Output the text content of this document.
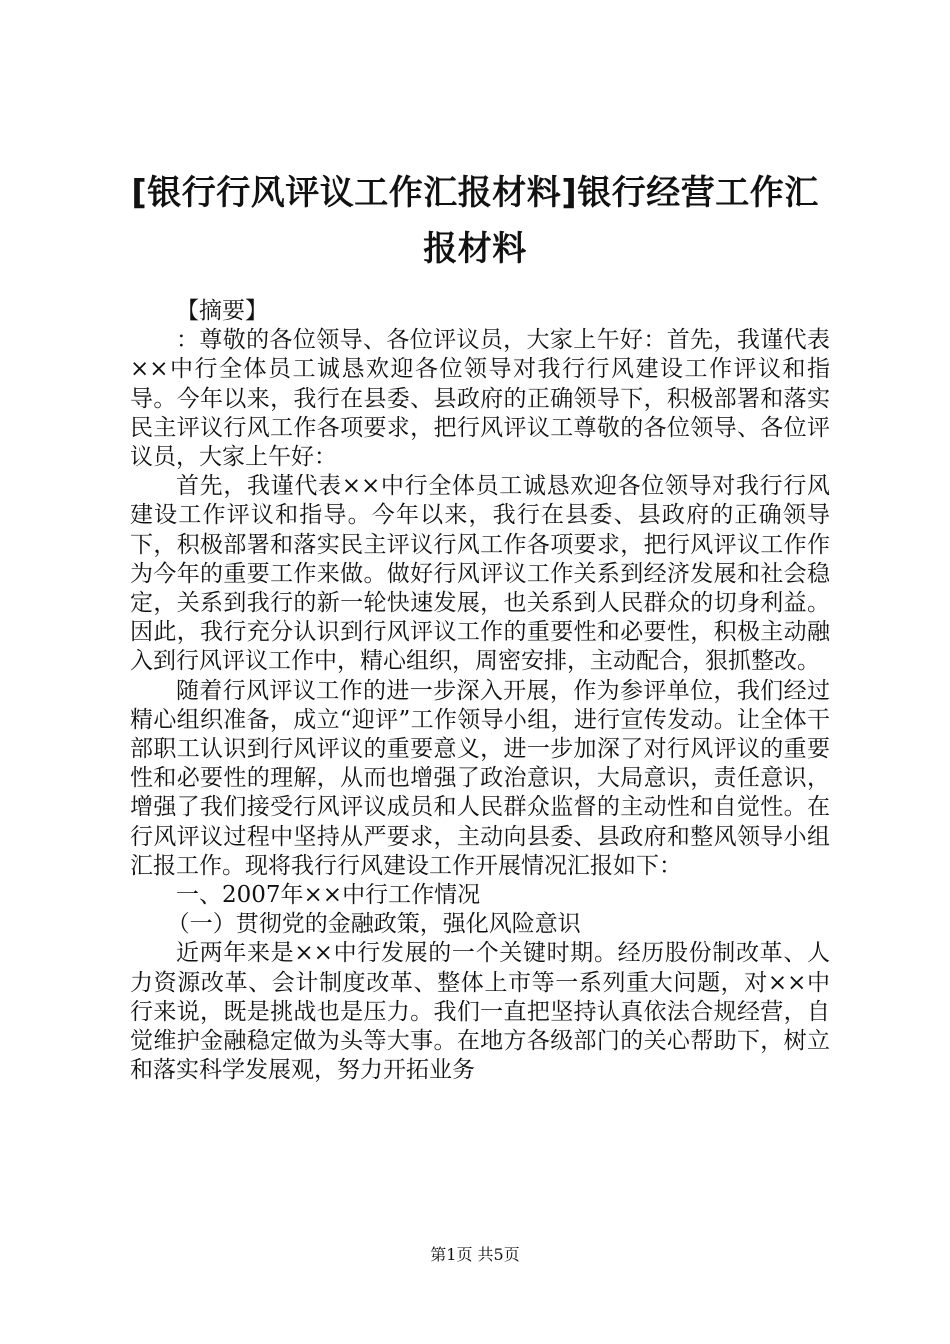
[银行行风评议工作汇报材料]银行经营工作汇报材料

【摘要】

：尊敬的各位领导、各位评议员，大家上午好：首先，我谨代表××中行全体员工诚恳欢迎各位领导对我行行风建设工作评议和指导。今年以来，我行在县委、县政府的正确领导下，积极部署和落实民主评议行风工作各项要求，把行风评议工尊敬的各位领导、各位评议员，大家上午好：

首先，我谨代表××中行全体员工诚恳欢迎各位领导对我行行风建设工作评议和指导。今年以来，我行在县委、县政府的正确领导下，积极部署和落实民主评议行风工作各项要求，把行风评议工作作为今年的重要工作来做。做好行风评议工作关系到经济发展和社会稳定，关系到我行的新一轮快速发展，也关系到人民群众的切身利益。因此，我行充分认识到行风评议工作的重要性和必要性，积极主动融入到行风评议工作中，精心组织，周密安排，主动配合，狠抓整改。

随着行风评议工作的进一步深入开展，作为参评单位，我们经过精心组织准备，成立“迎评”工作领导小组，进行宣传发动。让全体干部职工认识到行风评议的重要意义，进一步加深了对行风评议的重要性和必要性的理解，从而也增强了政治意识，大局意识，责任意识，增强了我们接受行风评议成员和人民群众监督的主动性和自觉性。在行风评议过程中坚持从严要求，主动向县委、县政府和整风领导小组汇报工作。现将我行行风建设工作开展情况汇报如下：

一、2007年××中行工作情况

（一）贯彻党的金融政策，强化风险意识

近两年来是××中行发展的一个关键时期。经历股份制改革、人力资源改革、会计制度改革、整体上市等一系列重大问题，对××中行来说，既是挑战也是压力。我们一直把坚持认真依法合规经营，自觉维护金融稳定做为头等大事。在地方各级部门的关心帮助下，树立和落实科学发展观，努力开拓业务

第1页 共5页
